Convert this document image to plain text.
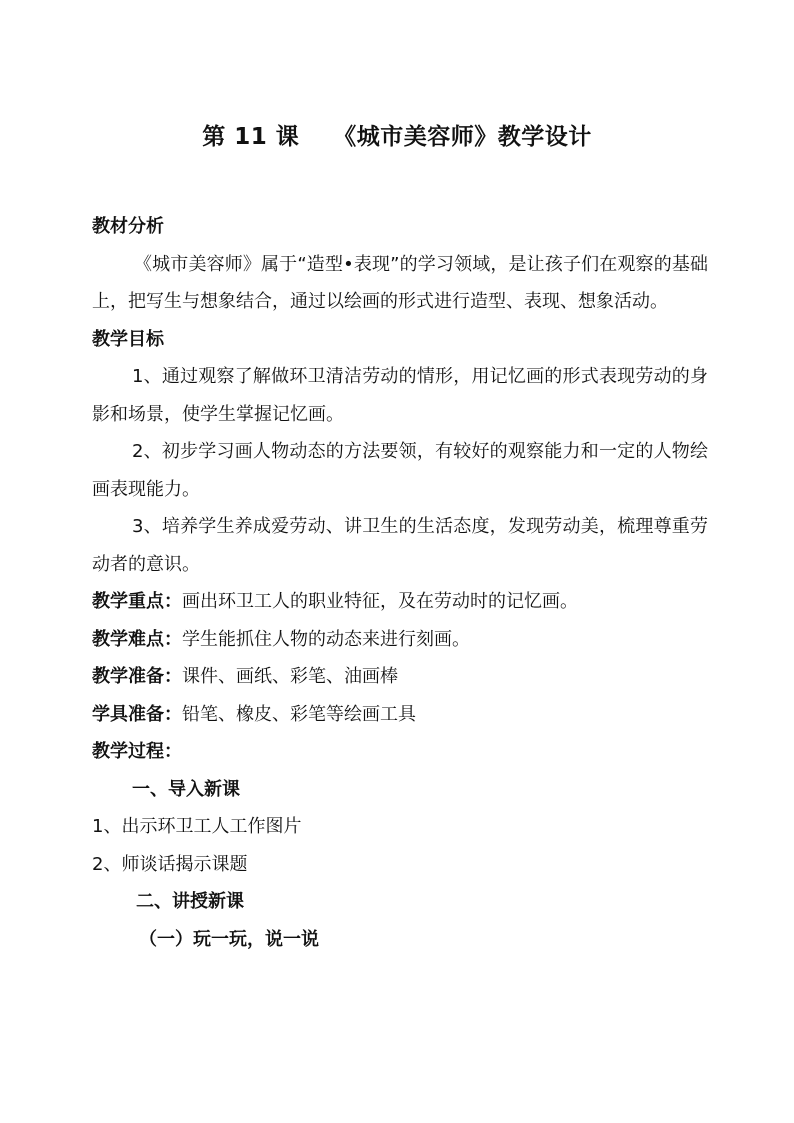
第 11 课    《城市美容师》教学设计

教材分析

《城市美容师》属于“造型•表现”的学习领域，是让孩子们在观察的基础上，把写生与想象结合，通过以绘画的形式进行造型、表现、想象活动。

教学目标

1、通过观察了解做环卫清洁劳动的情形，用记忆画的形式表现劳动的身影和场景，使学生掌握记忆画。

2、初步学习画人物动态的方法要领，有较好的观察能力和一定的人物绘画表现能力。

3、培养学生养成爱劳动、讲卫生的生活态度，发现劳动美，梳理尊重劳动者的意识。

教学重点：画出环卫工人的职业特征，及在劳动时的记忆画。

教学难点：学生能抓住人物的动态来进行刻画。

教学准备：课件、画纸、彩笔、油画棒

学具准备：铅笔、橡皮、彩笔等绘画工具

教学过程：

一、导入新课

1、出示环卫工人工作图片

2、师谈话揭示课题

二、讲授新课

（一）玩一玩，说一说
